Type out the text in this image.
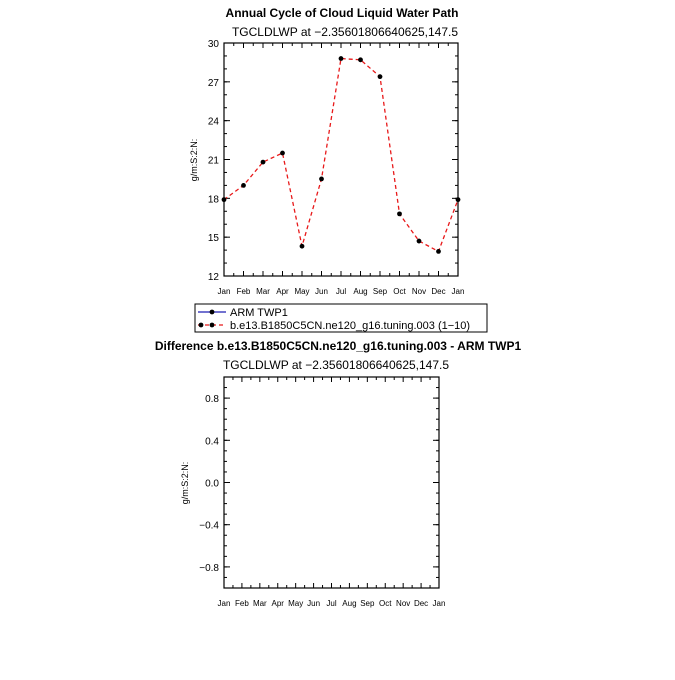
Annual Cycle of Cloud Liquid Water Path
TGCLDLWP at −2.35601806640625,147.5
Jan Feb Mar Apr May Jun Jul Aug Sep Oct Nov Dec Jan
12
15
18
21
24
27
30
g/m:S:2:N:
ARM TWP1
b.e13.B1850C5CN.ne120_g16.tuning.003 (1−10)
Difference b.e13.B1850C5CN.ne120_g16.tuning.003 - ARM TWP1
TGCLDLWP at −2.35601806640625,147.5
Jan Feb Mar Apr May Jun Jul Aug Sep Oct Nov Dec Jan
−0.8
−0.4
0.0
0.4
0.8
g/m:S:2:N:
